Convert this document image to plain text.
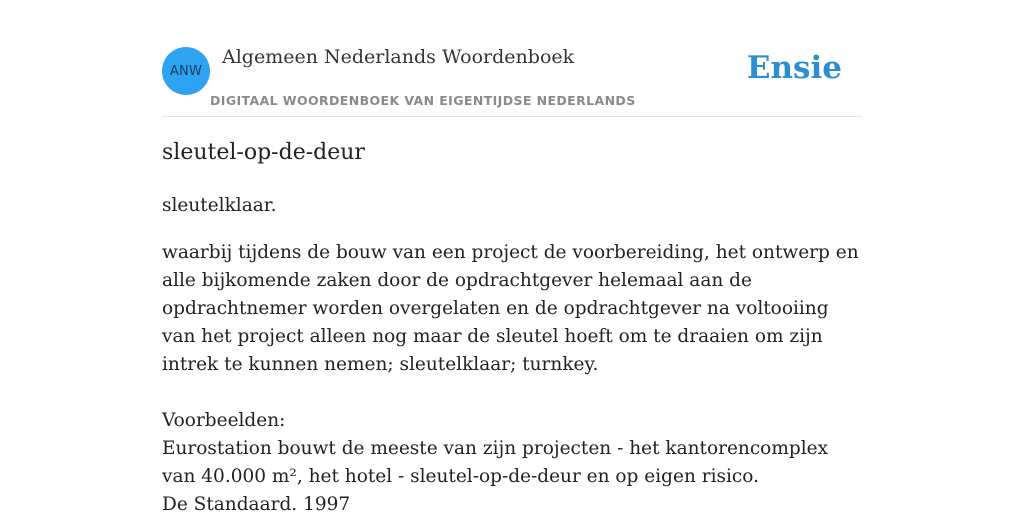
ANW
Algemeen Nederlands Woordenboek
DIGITAAL WOORDENBOEK VAN EIGENTIJDSE NEDERLANDS
Ensie
sleutel-op-de-deur

sleutelklaar.

waarbij tijdens de bouw van een project de voorbereiding, het ontwerp en alle bijkomende zaken door de opdrachtgever helemaal aan de opdrachtnemer worden overgelaten en de opdrachtgever na voltooiing van het project alleen nog maar de sleutel hoeft om te draaien om zijn intrek te kunnen nemen; sleutelklaar; turnkey.

Voorbeelden:

Eurostation bouwt de meeste van zijn projecten - het kantorencomplex van 40.000 m², het hotel - sleutel-op-de-deur en op eigen risico.

De Standaard. 1997
